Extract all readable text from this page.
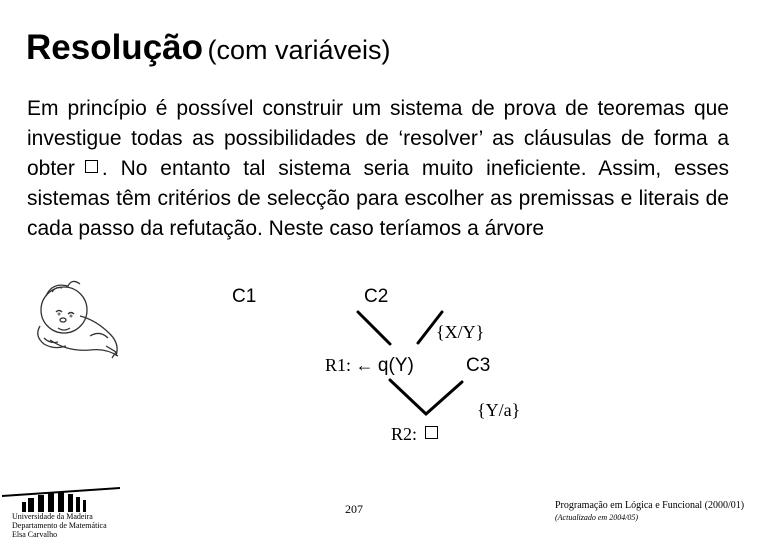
Resolução (com variáveis)
Em princípio é possível construir um sistema de prova de teoremas que investigue todas as possibilidades de ‘resolver’ as cláusulas de forma a obter . No entanto tal sistema seria muito ineficiente. Assim, esses sistemas têm critérios de selecção para escolher as premissas e literais de cada passo da refutação. Neste caso teríamos a árvore
C1	C2
{X/Y}
R1: ← q(Y)	C3
{Y/a}
R2:
Universidade da Madeira
Departamento de Matemática
Elsa Carvalho
207	Programação em Lógica e Funcional (2000/01)
(Actualizado em 2004/05)
